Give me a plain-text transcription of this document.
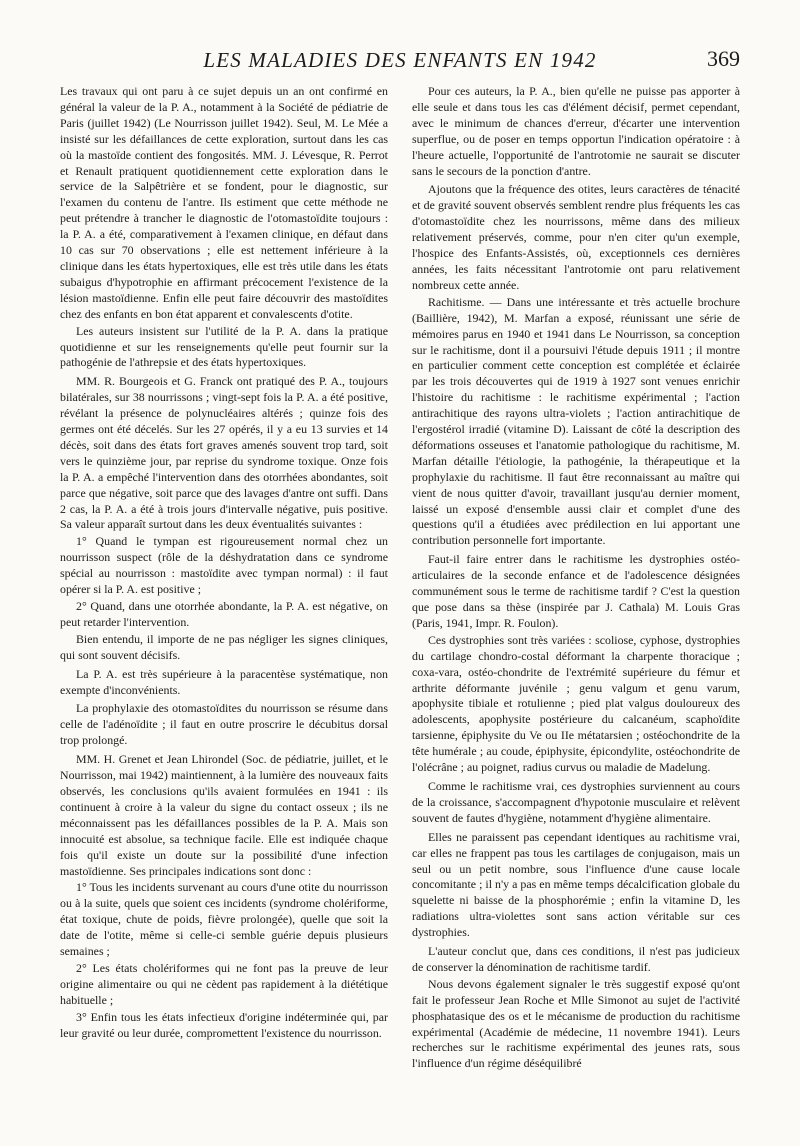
LES MALADIES DES ENFANTS EN 1942	369

Les travaux qui ont paru à ce sujet depuis un an ont confirmé en général la valeur de la P. A., notamment à la Société de pédiatrie de Paris (juillet 1942) (Le Nourrisson juillet 1942). Seul, M. Le Mée a insisté sur les défaillances de cette exploration, surtout dans les cas où la mastoïde contient des fongosités. MM. J. Lévesque, R. Perrot et Renault pratiquent quotidiennement cette exploration dans le service de la Salpêtrière et se fondent, pour le diagnostic, sur l'examen du contenu de l'antre. Ils estiment que cette méthode ne peut prétendre à trancher le diagnostic de l'otomastoïdite toujours : la P. A. a été, comparativement à l'examen clinique, en défaut dans 10 cas sur 70 observations ; elle est nettement inférieure à la clinique dans les états hypertoxiques, elle est très utile dans les états subaigus d'hypotrophie en affirmant précocement l'existence de la lésion mastoïdienne. Enfin elle peut faire découvrir des mastoïdites chez des enfants en bon état apparent et convalescents d'otite.

Les auteurs insistent sur l'utilité de la P. A. dans la pratique quotidienne et sur les renseignements qu'elle peut fournir sur la pathogénie de l'athrepsie et des états hypertoxiques.

MM. R. Bourgeois et G. Franck ont pratiqué des P. A., toujours bilatérales, sur 38 nourrissons ; vingt-sept fois la P. A. a été positive, révélant la présence de polynucléaires altérés ; quinze fois des germes ont été décelés. Sur les 27 opérés, il y a eu 13 survies et 14 décès, soit dans des états fort graves amenés souvent trop tard, soit vers le quinzième jour, par reprise du syndrome toxique. Onze fois la P. A. a empêché l'intervention dans des otorrhées abondantes, soit parce que négative, soit parce que des lavages d'antre ont suffi. Dans 2 cas, la P. A. a été à trois jours d'intervalle négative, puis positive. Sa valeur apparaît surtout dans les deux éventualités suivantes :

1° Quand le tympan est rigoureusement normal chez un nourrisson suspect (rôle de la déshydratation dans ce syndrome spécial au nourrisson : mastoïdite avec tympan normal) : il faut opérer si la P. A. est positive ;

2° Quand, dans une otorrhée abondante, la P. A. est négative, on peut retarder l'intervention.

Bien entendu, il importe de ne pas négliger les signes cliniques, qui sont souvent décisifs.

La P. A. est très supérieure à la paracentèse systématique, non exempte d'inconvénients.

La prophylaxie des otomastoïdites du nourrisson se résume dans celle de l'adénoïdite ; il faut en outre proscrire le décubitus dorsal trop prolongé.

MM. H. Grenet et Jean Lhirondel (Soc. de pédiatrie, juillet, et le Nourrisson, mai 1942) maintiennent, à la lumière des nouveaux faits observés, les conclusions qu'ils avaient formulées en 1941 : ils continuent à croire à la valeur du signe du contact osseux ; ils ne méconnaissent pas les défaillances possibles de la P. A. Mais son innocuité est absolue, sa technique facile. Elle est indiquée chaque fois qu'il existe un doute sur la possibilité d'une infection mastoïdienne. Ses principales indications sont donc :

1° Tous les incidents survenant au cours d'une otite du nourrisson ou à la suite, quels que soient ces incidents (syndrome cholériforme, état toxique, chute de poids, fièvre prolongée), quelle que soit la date de l'otite, même si celle-ci semble guérie depuis plusieurs semaines ;

2° Les états cholériformes qui ne font pas la preuve de leur origine alimentaire ou qui ne cèdent pas rapidement à la diététique habituelle ;

3° Enfin tous les états infectieux d'origine indéterminée qui, par leur gravité ou leur durée, compromettent l'existence du nourrisson.

Pour ces auteurs, la P. A., bien qu'elle ne puisse pas apporter à elle seule et dans tous les cas d'élément décisif, permet cependant, avec le minimum de chances d'erreur, d'écarter une intervention superflue, ou de poser en temps opportun l'indication opératoire : à l'heure actuelle, l'opportunité de l'antrotomie ne saurait se discuter sans le secours de la ponction d'antre.

Ajoutons que la fréquence des otites, leurs caractères de ténacité et de gravité souvent observés semblent rendre plus fréquents les cas d'otomastoïdite chez les nourrissons, même dans des milieux relativement préservés, comme, pour n'en citer qu'un exemple, l'hospice des Enfants-Assistés, où, exceptionnels ces dernières années, les faits nécessitant l'antrotomie ont paru relativement nombreux cette année.

Rachitisme. — Dans une intéressante et très actuelle brochure (Baillière, 1942), M. Marfan a exposé, réunissant une série de mémoires parus en 1940 et 1941 dans Le Nourrisson, sa conception sur le rachitisme, dont il a poursuivi l'étude depuis 1911 ; il montre en particulier comment cette conception est complétée et éclairée par les trois découvertes qui de 1919 à 1927 sont venues enrichir l'histoire du rachitisme : le rachitisme expérimental ; l'action antirachitique des rayons ultra-violets ; l'action antirachitique de l'ergostérol irradié (vitamine D). Laissant de côté la description des déformations osseuses et l'anatomie pathologique du rachitisme, M. Marfan détaille l'étiologie, la pathogénie, la thérapeutique et la prophylaxie du rachitisme. Il faut être reconnaissant au maître qui vient de nous quitter d'avoir, travaillant jusqu'au dernier moment, laissé un exposé d'ensemble aussi clair et complet d'une des questions qu'il a étudiées avec prédilection en lui apportant une contribution personnelle fort importante.

Faut-il faire entrer dans le rachitisme les dystrophies ostéo-articulaires de la seconde enfance et de l'adolescence désignées communément sous le terme de rachitisme tardif ? C'est la question que pose dans sa thèse (inspirée par J. Cathala) M. Louis Gras (Paris, 1941, Impr. R. Foulon).

Ces dystrophies sont très variées : scoliose, cyphose, dystrophies du cartilage chondro-costal déformant la charpente thoracique ; coxa-vara, ostéo-chondrite de l'extrémité supérieure du fémur et arthrite déformante juvénile ; genu valgum et genu varum, apophysite tibiale et rotulienne ; pied plat valgus douloureux des adolescents, apophysite postérieure du calcanéum, scaphoïdite tarsienne, épiphysite du Ve ou IIe métatarsien ; ostéochondrite de la tête humérale ; au coude, épiphysite, épicondylite, ostéochondrite de l'olécrâne ; au poignet, radius curvus ou maladie de Madelung.

Comme le rachitisme vrai, ces dystrophies surviennent au cours de la croissance, s'accompagnent d'hypotonie musculaire et relèvent souvent de fautes d'hygiène, notamment d'hygiène alimentaire.

Elles ne paraissent pas cependant identiques au rachitisme vrai, car elles ne frappent pas tous les cartilages de conjugaison, mais un seul ou un petit nombre, sous l'influence d'une cause locale concomitante ; il n'y a pas en même temps décalcification globale du squelette ni baisse de la phosphorémie ; enfin la vitamine D, les radiations ultra-violettes sont sans action véritable sur ces dystrophies.

L'auteur conclut que, dans ces conditions, il n'est pas judicieux de conserver la dénomination de rachitisme tardif.

Nous devons également signaler le très suggestif exposé qu'ont fait le professeur Jean Roche et Mlle Simonot au sujet de l'activité phosphatasique des os et le mécanisme de production du rachitisme expérimental (Académie de médecine, 11 novembre 1941). Leurs recherches sur le rachitisme expérimental des jeunes rats, sous l'influence d'un régime déséquilibré
